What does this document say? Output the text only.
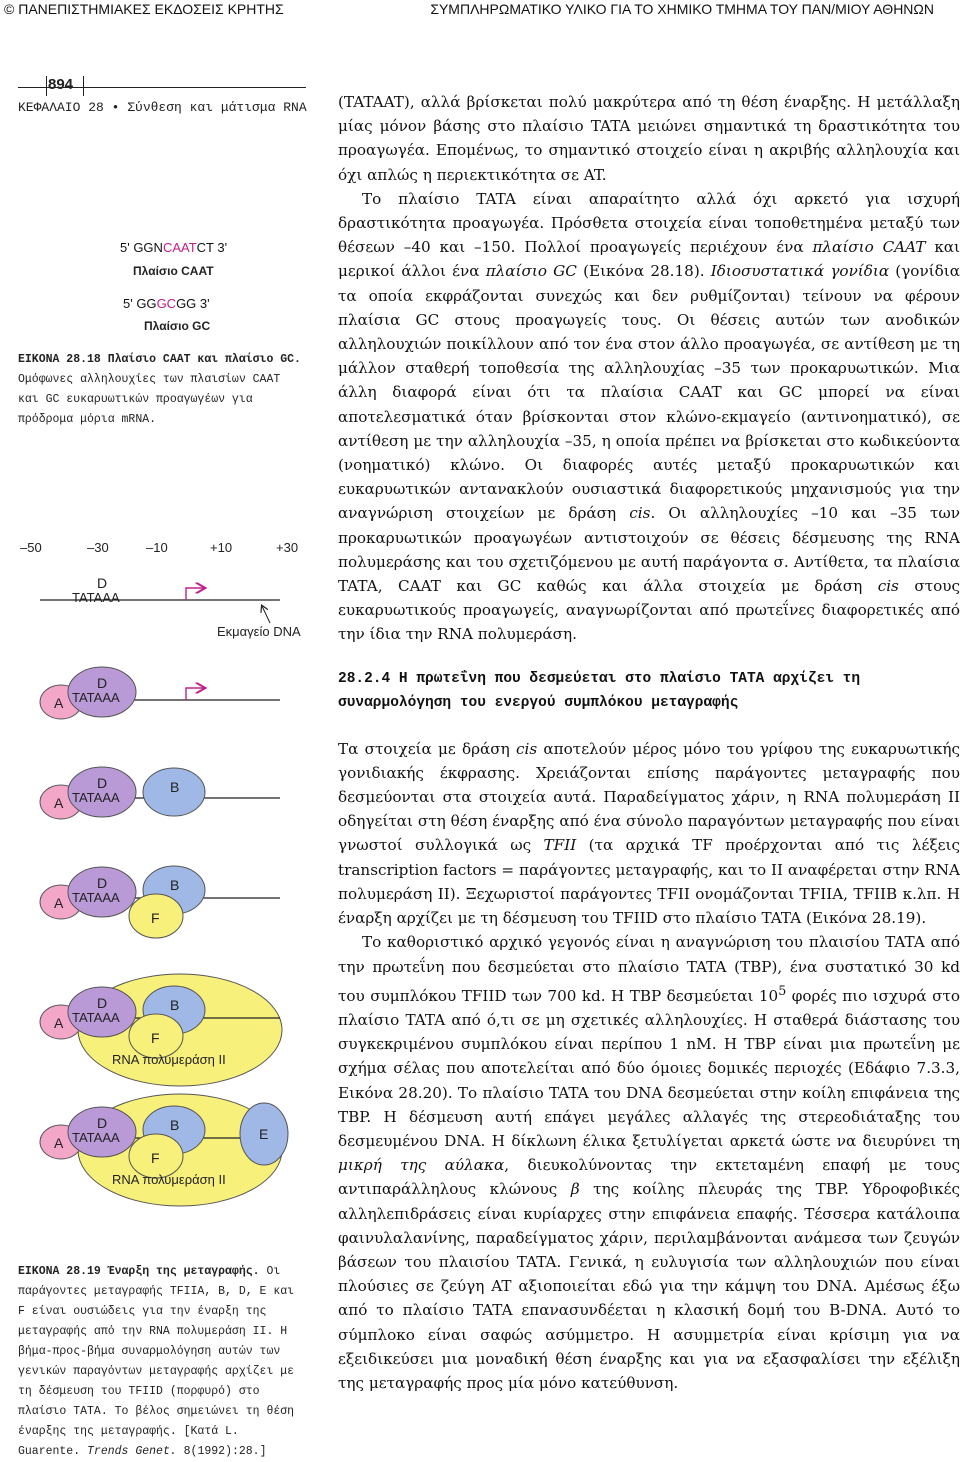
© ΠΑΝΕΠΙΣΤΗΜΙΑΚΕΣ ΕΚΔΟΣΕΙΣ ΚΡΗΤΗΣ	ΣΥΜΠΛΗΡΩΜΑΤΙΚΟ ΥΛΙΚΟ ΓΙΑ ΤΟ ΧΗΜΙΚΟ ΤΜΗΜΑ ΤΟΥ ΠΑΝ/ΜΙΟΥ ΑΘΗΝΩΝ
894
ΚΕΦΑΛΑΙΟ 28 • Σύνθεση και μάτισμα RNA
5' GGNCAATCT 3'
Πλαίσιο CAAT
5' GGGCGG 3'
Πλαίσιο GC
ΕΙΚΟΝΑ 28.18 Πλαίσιο CAAT και πλαίσιο GC. Ομόφωνες αλληλουχίες των πλαισίων CAAT και GC ευκαρυωτικών προαγωγέων για πρόδρομα μόρια mRNA.
–50	–30	–10	+10	+30
D
TATAAA
Εκμαγείο DNA
A
D
TATAAA
A
D
TATAAA
B
A
D
TATAAA
B
F
A
D
TATAAA
B
F
RNA πολυμεράση II
A
D
TATAAA
B
F
E
RNA πολυμεράση II
ΕΙΚΟΝΑ 28.19 Έναρξη της μεταγραφής. Οι παράγοντες μεταγραφής TFIIA, B, D, E και F είναι ουσιώδεις για την έναρξη της μεταγραφής από την RNA πολυμεράση II. Η βήμα-προς-βήμα συναρμολόγηση αυτών των γενικών παραγόντων μεταγραφής αρχίζει με τη δέσμευση του TFIID (πορφυρό) στο πλαίσιο TATA. Το βέλος σημειώνει τη θέση έναρξης της μεταγραφής. [Κατά L. Guarente. Trends Genet. 8(1992):28.]

(TATAAT), αλλά βρίσκεται πολύ μακρύτερα από τη θέση έναρξης. Η μετάλλαξη μίας μόνον βάσης στο πλαίσιο TATA μειώνει σημαντικά τη δραστικότητα του προαγωγέα. Επομένως, το σημαντικό στοιχείο είναι η ακριβής αλληλουχία και όχι απλώς η περιεκτικότητα σε AT.

Το πλαίσιο TATA είναι απαραίτητο αλλά όχι αρκετό για ισχυρή δραστικότητα προαγωγέα. Πρόσθετα στοιχεία είναι τοποθετημένα μεταξύ των θέσεων –40 και –150. Πολλοί προαγωγείς περιέχουν ένα πλαίσιο CAAT και μερικοί άλλοι ένα πλαίσιο GC (Εικόνα 28.18). Ιδιοσυστατικά γονίδια (γονίδια τα οποία εκφράζονται συνεχώς και δεν ρυθμίζονται) τείνουν να φέρουν πλαίσια GC στους προαγωγείς τους. Οι θέσεις αυτών των ανοδικών αλληλουχιών ποικίλλουν από τον ένα στον άλλο προαγωγέα, σε αντίθεση με τη μάλλον σταθερή τοποθεσία της αλληλουχίας –35 των προκαρυωτικών. Μια άλλη διαφορά είναι ότι τα πλαίσια CAAT και GC μπορεί να είναι αποτελεσματικά όταν βρίσκονται στον κλώνο-εκμαγείο (αντινοηματικό), σε αντίθεση με την αλληλουχία –35, η οποία πρέπει να βρίσκεται στο κωδικεύοντα (νοηματικό) κλώνο. Οι διαφορές αυτές μεταξύ προκαρυωτικών και ευκαρυωτικών αντανακλούν ουσιαστικά διαφορετικούς μηχανισμούς για την αναγνώριση στοιχείων με δράση cis. Οι αλληλουχίες –10 και –35 των προκαρυωτικών προαγωγέων αντιστοιχούν σε θέσεις δέσμευσης της RNA πολυμεράσης και του σχετιζόμενου με αυτή παράγοντα σ. Αντίθετα, τα πλαίσια TATA, CAAT και GC καθώς και άλλα στοιχεία με δράση cis στους ευκαρυωτικούς προαγωγείς, αναγνωρίζονται από πρωτεΐνες διαφορετικές από την ίδια την RNA πολυμεράση.

28.2.4 Η πρωτεΐνη που δεσμεύεται στο πλαίσιο TATA αρχίζει τη συναρμολόγηση του ενεργού συμπλόκου μεταγραφής

Τα στοιχεία με δράση cis αποτελούν μέρος μόνο του γρίφου της ευκαρυωτικής γονιδιακής έκφρασης. Χρειάζονται επίσης παράγοντες μεταγραφής που δεσμεύονται στα στοιχεία αυτά. Παραδείγματος χάριν, η RNA πολυμεράση II οδηγείται στη θέση έναρξης από ένα σύνολο παραγόντων μεταγραφής που είναι γνωστοί συλλογικά ως TFII (τα αρχικά TF προέρχονται από τις λέξεις transcription factors = παράγοντες μεταγραφής, και το II αναφέρεται στην RNA πολυμεράση II). Ξεχωριστοί παράγοντες TFII ονομάζονται TFIIA, TFIIB κ.λπ. Η έναρξη αρχίζει με τη δέσμευση του TFIID στο πλαίσιο TATA (Εικόνα 28.19).

Το καθοριστικό αρχικό γεγονός είναι η αναγνώριση του πλαισίου TATA από την πρωτεΐνη που δεσμεύεται στο πλαίσιο TATA (TBP), ένα συστατικό 30 kd του συμπλόκου TFIID των 700 kd. Η TBP δεσμεύεται $10^5$ φορές πιο ισχυρά στο πλαίσιο TATA από ό,τι σε μη σχετικές αλληλουχίες. Η σταθερά διάστασης του συγκεκριμένου συμπλόκου είναι περίπου 1 nM. Η TBP είναι μια πρωτεΐνη με σχήμα σέλας που αποτελείται από δύο όμοιες δομικές περιοχές (Εδάφιο 7.3.3, Εικόνα 28.20). Το πλαίσιο TATA του DNA δεσμεύεται στην κοίλη επιφάνεια της TBP. Η δέσμευση αυτή επάγει μεγάλες αλλαγές της στερεοδιάταξης του δεσμευμένου DNA. Η δίκλωνη έλικα ξετυλίγεται αρκετά ώστε να διευρύνει τη μικρή της αύλακα, διευκολύνοντας την εκτεταμένη επαφή με τους αντιπαράλληλους κλώνους β της κοίλης πλευράς της TBP. Υδροφοβικές αλληλεπιδράσεις είναι κυρίαρχες στην επιφάνεια επαφής. Τέσσερα κατάλοιπα φαινυλαλανίνης, παραδείγματος χάριν, περιλαμβάνονται ανάμεσα των ζευγών βάσεων του πλαισίου TATA. Γενικά, η ευλυγισία των αλληλουχιών που είναι πλούσιες σε ζεύγη AT αξιοποιείται εδώ για την κάμψη του DNA. Αμέσως έξω από το πλαίσιο TATA επανασυνδέεται η κλασική δομή του B-DNA. Αυτό το σύμπλοκο είναι σαφώς ασύμμετρο. Η ασυμμετρία είναι κρίσιμη για να εξειδικεύσει μια μοναδική θέση έναρξης και για να εξασφαλίσει την εξέλιξη της μεταγραφής προς μία μόνο κατεύθυνση.
